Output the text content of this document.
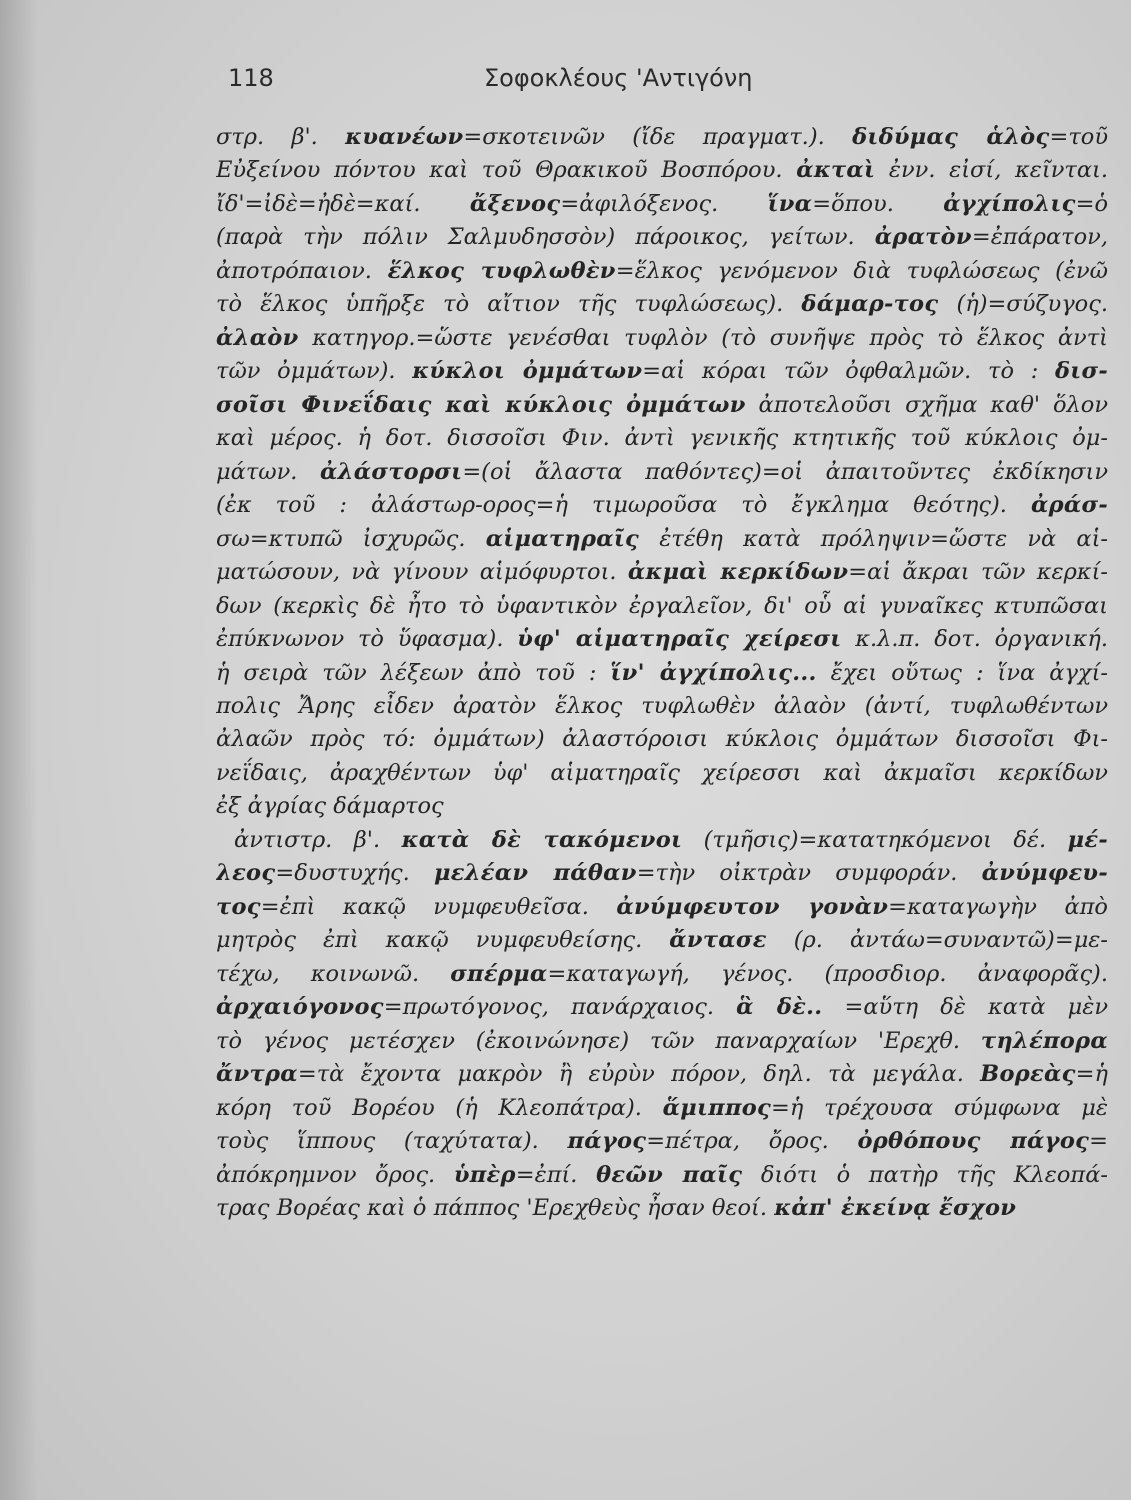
118	Σοφοκλέους 'Αντιγόνη
στρ. β'. κυανέων=σκοτεινῶν (ἴδε πραγματ.). διδύμας ἁλὸς=τοῦ
Εὐξείνου πόντου καὶ τοῦ Θρακικοῦ Βοσπόρου. ἀκταὶ ἐνν. εἰσί, κεῖνται.
ἴδ'=ἰδὲ=ἠδὲ=καί. ἄξενος=ἀφιλόξενος. ἵνα=ὅπου. ἀγχίπολις=ὁ
(παρὰ τὴν πόλιν Σαλμυδησσὸν) πάροικος, γείτων. ἀρατὸν=ἐπάρατον,
ἀποτρόπαιον. ἕλκος τυφλωθὲν=ἕλκος γενόμενον διὰ τυφλώσεως (ἐνῶ
τὸ ἕλκος ὑπῆρξε τὸ αἴτιον τῆς τυφλώσεως). δάμαρ-τος (ἡ)=σύζυγος.
ἀλαὸν κατηγορ.=ὥστε γενέσθαι τυφλὸν (τὸ συνῆψε πρὸς τὸ ἕλκος ἀντὶ
τῶν ὀμμάτων). κύκλοι ὀμμάτων=αἱ κόραι τῶν ὀφθαλμῶν. τὸ : δισ-
σοῖσι Φινεΐδαις καὶ κύκλοις ὀμμάτων ἀποτελοῦσι σχῆμα καθ' ὅλον
καὶ μέρος. ἡ δοτ. δισσοῖσι Φιν. ἀντὶ γενικῆς κτητικῆς τοῦ κύκλοις ὀμ-
μάτων. ἀλάστορσι=(οἱ ἄλαστα παθόντες)=οἱ ἀπαιτοῦντες ἐκδίκησιν
(ἐκ τοῦ : ἀλάστωρ-ορος=ἡ τιμωροῦσα τὸ ἔγκλημα θεότης). ἀράσ-
σω=κτυπῶ ἰσχυρῶς. αἱματηραῖς ἐτέθη κατὰ πρόληψιν=ὥστε νὰ αἱ-
ματώσουν, νὰ γίνουν αἱμόφυρτοι. ἀκμαὶ κερκίδων=αἱ ἄκραι τῶν κερκί-
δων (κερκὶς δὲ ἦτο τὸ ὑφαντικὸν ἐργαλεῖον, δι' οὗ αἱ γυναῖκες κτυπῶσαι
ἐπύκνωνον τὸ ὕφασμα). ὑφ' αἱματηραῖς χείρεσι κ.λ.π. δοτ. ὀργανική.
ἡ σειρὰ τῶν λέξεων ἀπὸ τοῦ : ἵν' ἀγχίπολις... ἔχει οὕτως : ἵνα ἀγχί-
πολις Ἄρης εἶδεν ἀρατὸν ἕλκος τυφλωθὲν ἀλαὸν (ἀντί, τυφλωθέντων
ἀλαῶν πρὸς τό: ὀμμάτων) ἀλαστόροισι κύκλοις ὀμμάτων δισσοῖσι Φι-
νεΐδαις, ἀραχθέντων ὑφ' αἱματηραῖς χείρεσσι καὶ ἀκμαῖσι κερκίδων
ἐξ ἀγρίας δάμαρτος
ἀντιστρ. β'. κατὰ δὲ τακόμενοι (τμῆσις)=κατατηκόμενοι δέ. μέ-
λεος=δυστυχής. μελέαν πάθαν=τὴν οἰκτρὰν συμφοράν. ἀνύμφευ-
τος=ἐπὶ κακῷ νυμφευθεῖσα. ἀνύμφευτον γονὰν=καταγωγὴν ἀπὸ
μητρὸς ἐπὶ κακῷ νυμφευθείσης. ἄντασε (ρ. ἀντάω=συναντῶ)=με-
τέχω, κοινωνῶ. σπέρμα=καταγωγή, γένος. (προσδιορ. ἀναφορᾶς).
ἀρχαιόγονος=πρωτόγονος, πανάρχαιος. ἃ δὲ.. =αὕτη δὲ κατὰ μὲν
τὸ γένος μετέσχεν (ἐκοινώνησε) τῶν παναρχαίων 'Ερεχθ. τηλέπορα
ἄντρα=τὰ ἔχοντα μακρὸν ἢ εὐρὺν πόρον, δηλ. τὰ μεγάλα. Βορεὰς=ἡ
κόρη τοῦ Βορέου (ἡ Κλεοπάτρα). ἅμιππος=ἡ τρέχουσα σύμφωνα μὲ
τοὺς ἵππους (ταχύτατα). πάγος=πέτρα, ὄρος. ὀρθόπους πάγος=
ἀπόκρημνον ὄρος. ὑπὲρ=ἐπί. θεῶν παῖς διότι ὁ πατὴρ τῆς Κλεοπά-
τρας Βορέας καὶ ὁ πάππος 'Ερεχθεὺς ἦσαν θεοί. κἀπ' ἐκείνᾳ ἔσχον
